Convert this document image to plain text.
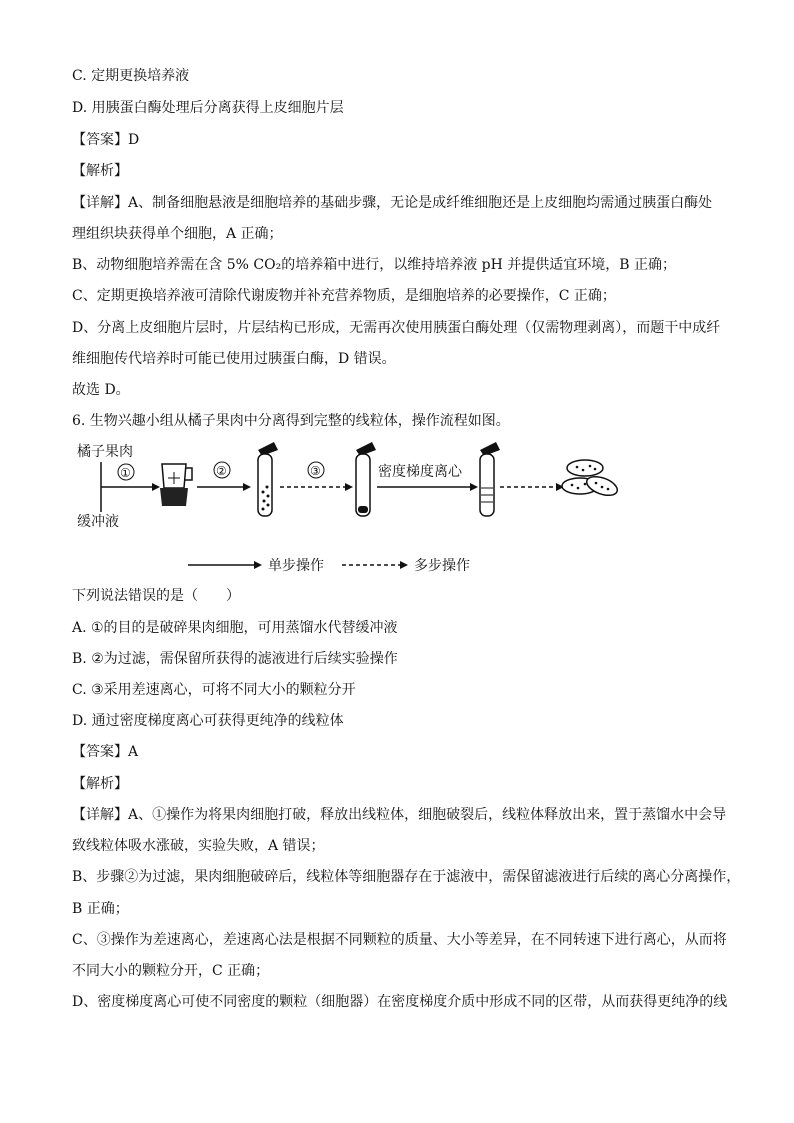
C. 定期更换培养液
D. 用胰蛋白酶处理后分离获得上皮细胞片层
【答案】D
【解析】
【详解】A、制备细胞悬液是细胞培养的基础步骤，无论是成纤维细胞还是上皮细胞均需通过胰蛋白酶处
理组织块获得单个细胞，A 正确；
B、动物细胞培养需在含 5% CO₂的培养箱中进行，以维持培养液 pH 并提供适宜环境，B 正确；
C、定期更换培养液可清除代谢废物并补充营养物质，是细胞培养的必要操作，C 正确；
D、分离上皮细胞片层时，片层结构已形成，无需再次使用胰蛋白酶处理（仅需物理剥离），而题干中成纤
维细胞传代培养时可能已使用过胰蛋白酶，D 错误。
故选 D。
6. 生物兴趣小组从橘子果肉中分离得到完整的线粒体，操作流程如图。
橘子果肉
缓冲液
①	②	③	密度梯度离心
单步操作	多步操作
下列说法错误的是（　　）
A. ①的目的是破碎果肉细胞，可用蒸馏水代替缓冲液
B. ②为过滤，需保留所获得的滤液进行后续实验操作
C. ③采用差速离心，可将不同大小的颗粒分开
D. 通过密度梯度离心可获得更纯净的线粒体
【答案】A
【解析】
【详解】A、①操作为将果肉细胞打破，释放出线粒体，细胞破裂后，线粒体释放出来，置于蒸馏水中会导
致线粒体吸水涨破，实验失败，A 错误；
B、步骤②为过滤，果肉细胞破碎后，线粒体等细胞器存在于滤液中，需保留滤液进行后续的离心分离操作，
B 正确；
C、③操作为差速离心，差速离心法是根据不同颗粒的质量、大小等差异，在不同转速下进行离心，从而将
不同大小的颗粒分开，C 正确；
D、密度梯度离心可使不同密度的颗粒（细胞器）在密度梯度介质中形成不同的区带，从而获得更纯净的线
